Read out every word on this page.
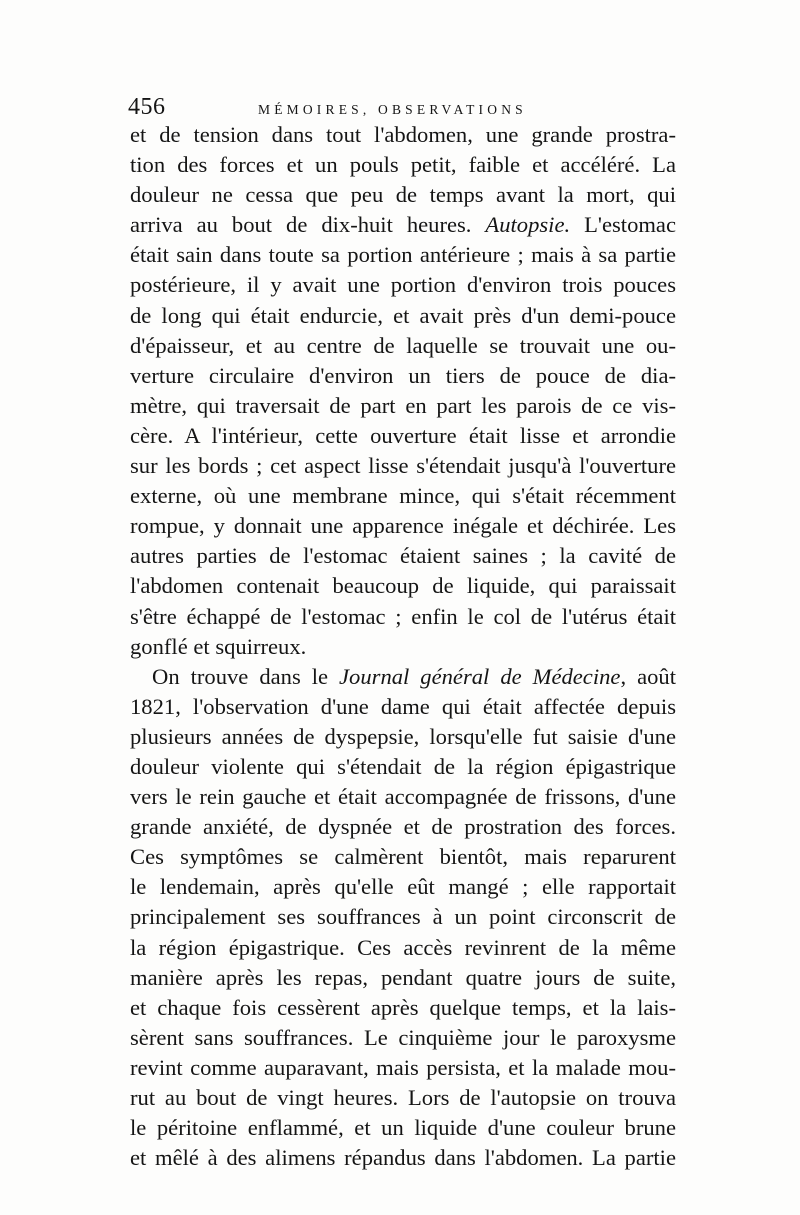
456	MÉMOIRES, OBSERVATIONS
et de tension dans tout l'abdomen, une grande prostra-
tion des forces et un pouls petit, faible et accéléré. La
douleur ne cessa que peu de temps avant la mort, qui
arriva au bout de dix-huit heures. Autopsie. L'estomac
était sain dans toute sa portion antérieure ; mais à sa partie
postérieure, il y avait une portion d'environ trois pouces
de long qui était endurcie, et avait près d'un demi-pouce
d'épaisseur, et au centre de laquelle se trouvait une ou-
verture circulaire d'environ un tiers de pouce de dia-
mètre, qui traversait de part en part les parois de ce vis-
cère. A l'intérieur, cette ouverture était lisse et arrondie
sur les bords ; cet aspect lisse s'étendait jusqu'à l'ouverture
externe, où une membrane mince, qui s'était récemment
rompue, y donnait une apparence inégale et déchirée. Les
autres parties de l'estomac étaient saines ; la cavité de
l'abdomen contenait beaucoup de liquide, qui paraissait
s'être échappé de l'estomac ; enfin le col de l'utérus était
gonflé et squirreux.
On trouve dans le Journal général de Médecine, août
1821, l'observation d'une dame qui était affectée depuis
plusieurs années de dyspepsie, lorsqu'elle fut saisie d'une
douleur violente qui s'étendait de la région épigastrique
vers le rein gauche et était accompagnée de frissons, d'une
grande anxiété, de dyspnée et de prostration des forces.
Ces symptômes se calmèrent bientôt, mais reparurent
le lendemain, après qu'elle eût mangé ; elle rapportait
principalement ses souffrances à un point circonscrit de
la région épigastrique. Ces accès revinrent de la même
manière après les repas, pendant quatre jours de suite,
et chaque fois cessèrent après quelque temps, et la lais-
sèrent sans souffrances. Le cinquième jour le paroxysme
revint comme auparavant, mais persista, et la malade mou-
rut au bout de vingt heures. Lors de l'autopsie on trouva
le péritoine enflammé, et un liquide d'une couleur brune
et mêlé à des alimens répandus dans l'abdomen. La partie
